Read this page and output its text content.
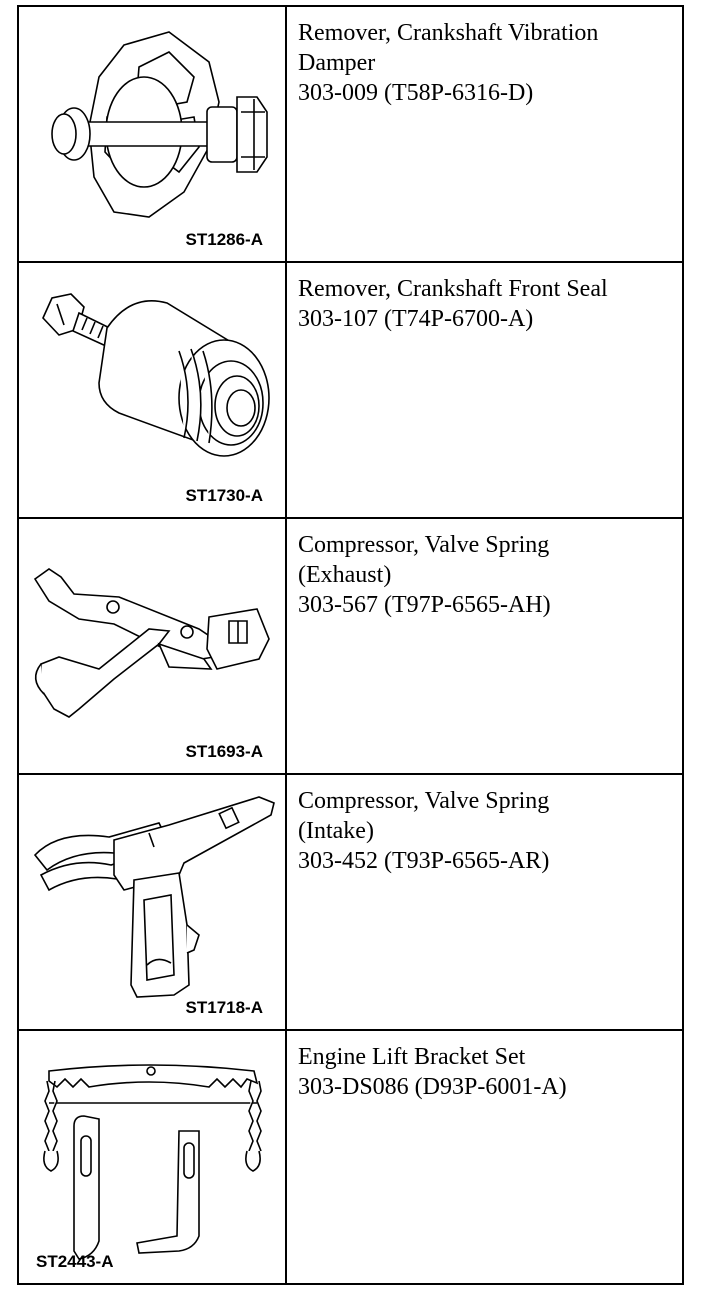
ST1286-A
Remover, Crankshaft Vibration Damper
303-009 (T58P-6316-D)
ST1730-A
Remover, Crankshaft Front Seal
303-107 (T74P-6700-A)
ST1693-A
Compressor, Valve Spring
(Exhaust)
303-567 (T97P-6565-AH)
ST1718-A
Compressor, Valve Spring
(Intake)
303-452 (T93P-6565-AR)
ST2443-A
Engine Lift Bracket Set
303-DS086 (D93P-6001-A)
